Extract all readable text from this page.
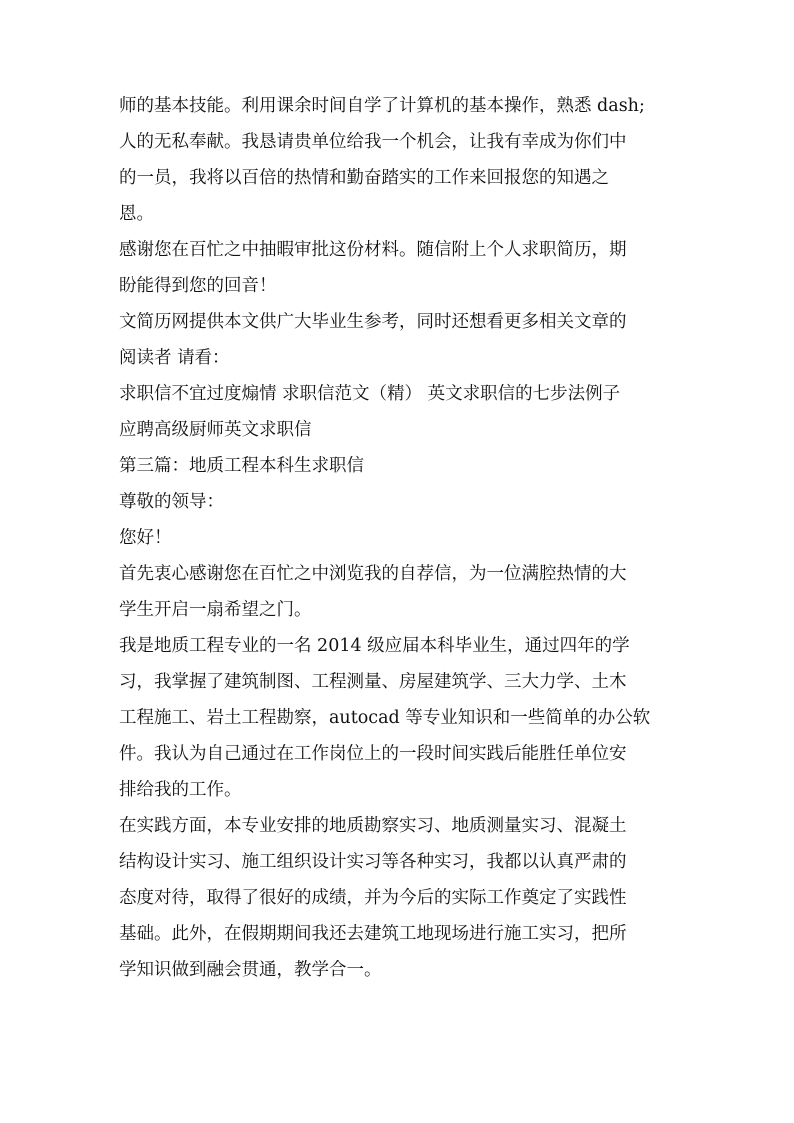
师的基本技能。利用课余时间自学了计算机的基本操作，熟悉 dash;
人的无私奉献。我恳请贵单位给我一个机会，让我有幸成为你们中
的一员，我将以百倍的热情和勤奋踏实的工作来回报您的知遇之
恩。
感谢您在百忙之中抽暇审批这份材料。随信附上个人求职简历，期
盼能得到您的回音！
文简历网提供本文供广大毕业生参考，同时还想看更多相关文章的
阅读者 请看：
求职信不宜过度煽情 求职信范文（精） 英文求职信的七步法例子
应聘高级厨师英文求职信
第三篇：地质工程本科生求职信
尊敬的领导：
您好！
首先衷心感谢您在百忙之中浏览我的自荐信，为一位满腔热情的大
学生开启一扇希望之门。
我是地质工程专业的一名 2014 级应届本科毕业生，通过四年的学
习，我掌握了建筑制图、工程测量、房屋建筑学、三大力学、土木
工程施工、岩土工程勘察，autocad 等专业知识和一些简单的办公软
件。我认为自己通过在工作岗位上的一段时间实践后能胜任单位安
排给我的工作。
在实践方面，本专业安排的地质勘察实习、地质测量实习、混凝土
结构设计实习、施工组织设计实习等各种实习，我都以认真严肃的
态度对待，取得了很好的成绩，并为今后的实际工作奠定了实践性
基础。此外，在假期期间我还去建筑工地现场进行施工实习，把所
学知识做到融会贯通，教学合一。
